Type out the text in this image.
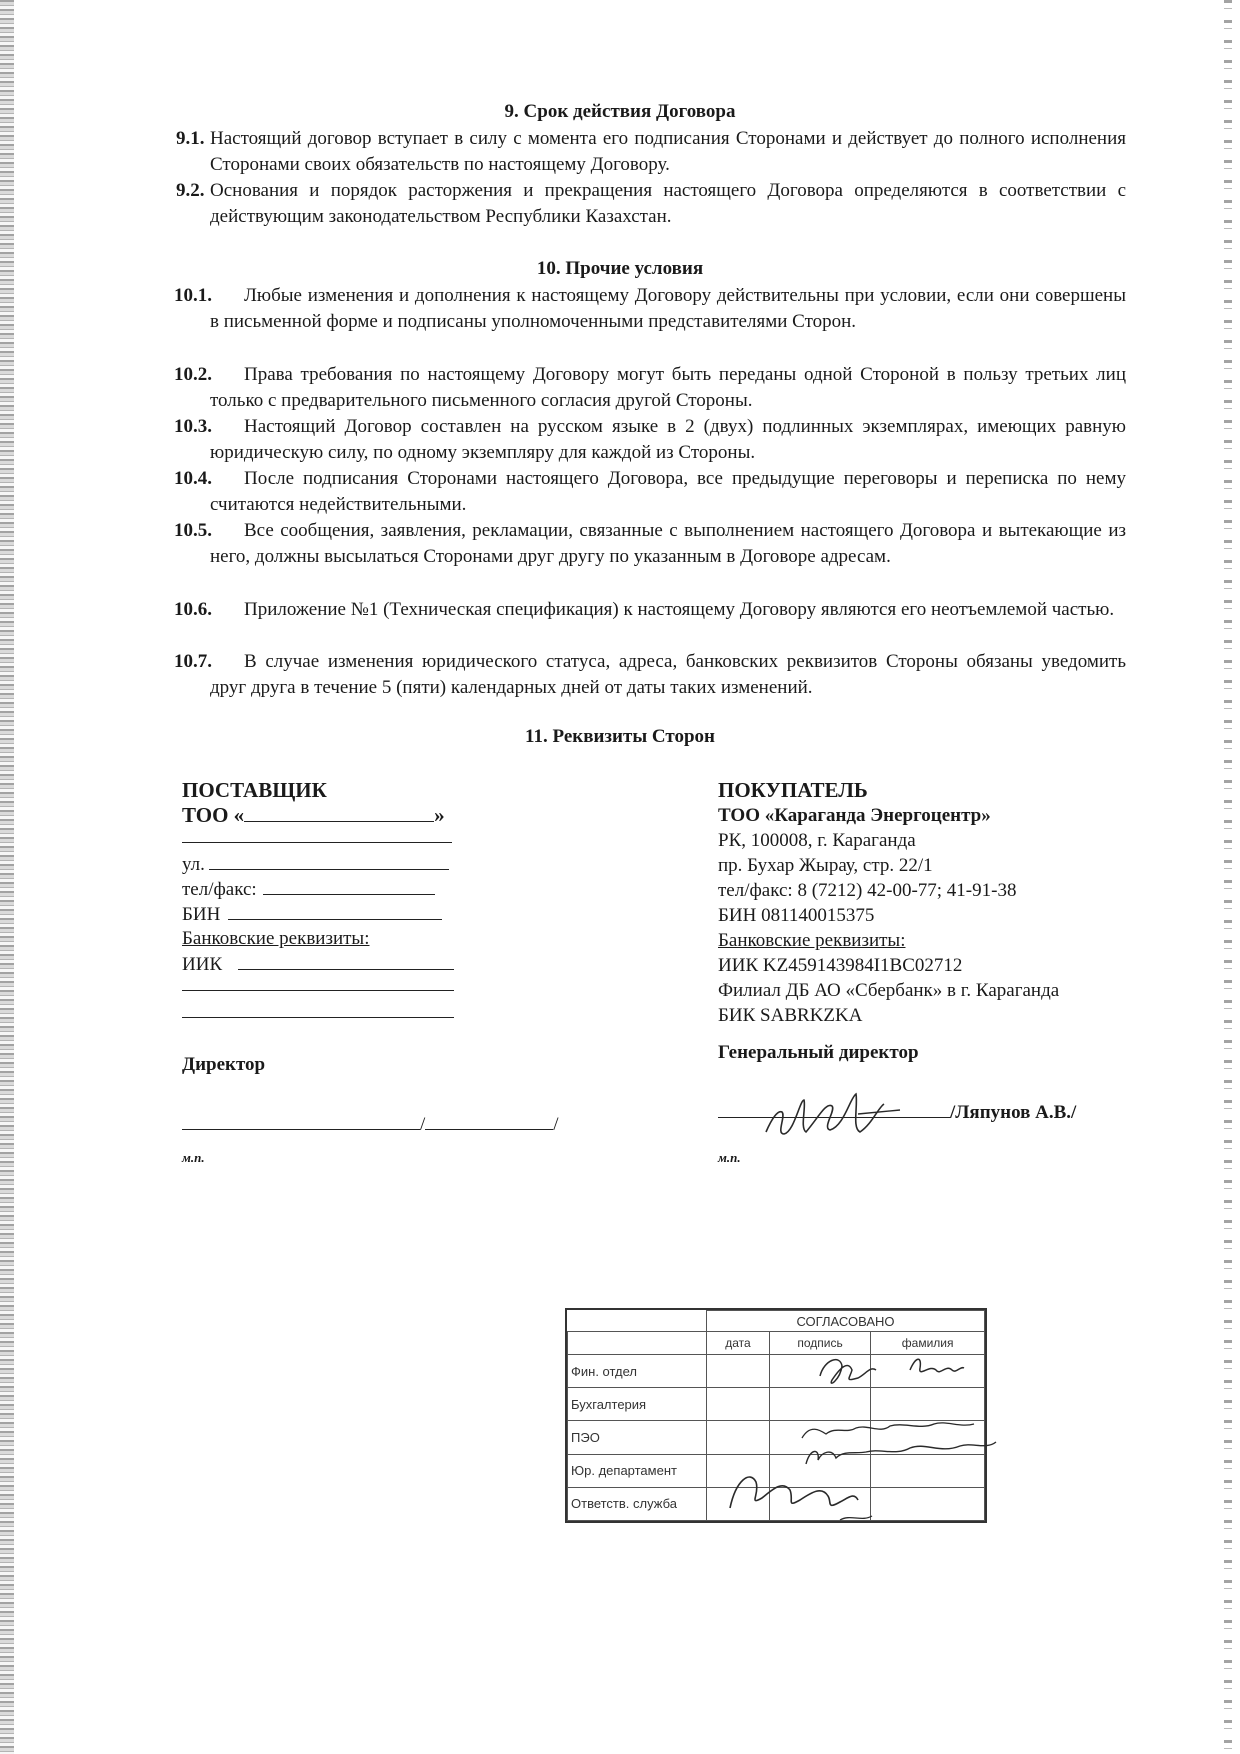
9. Срок действия Договора
9.1. Настоящий договор вступает в силу с момента его подписания Сторонами и действует до полного исполнения Сторонами своих обязательств по настоящему Договору.
9.2. Основания и порядок расторжения и прекращения настоящего Договора определяются в соответствии с действующим законодательством Республики Казахстан.
10. Прочие условия
10.1.	Любые изменения и дополнения к настоящему Договору действительны при условии, если они совершены в письменной форме и подписаны уполномоченными представителями Сторон.
10.2.	Права требования по настоящему Договору могут быть переданы одной Стороной в пользу третьих лиц только с предварительного письменного согласия другой Стороны.
10.3.	Настоящий Договор составлен на русском языке в 2 (двух) подлинных экземплярах, имеющих равную юридическую силу, по одному экземпляру для каждой из Стороны.
10.4.	После подписания Сторонами настоящего Договора, все предыдущие переговоры и переписка по нему считаются недействительными.
10.5.	Все сообщения, заявления, рекламации, связанные с выполнением настоящего Договора и вытекающие из него, должны высылаться Сторонами друг другу по указанным в Договоре адресам.
10.6.	Приложение №1 (Техническая спецификация) к настоящему Договору являются его неотъемлемой частью.
10.7.	В случае изменения юридического статуса, адреса, банковских реквизитов Стороны обязаны уведомить друг друга в течение 5 (пяти) календарных дней от даты таких изменений.
11. Реквизиты Сторон
ПОСТАВЩИК
ТОО «	»
ул.
тел/факс:
БИН
Банковские реквизиты:
ИИК
Директор
/	/
м.п.
ПОКУПАТЕЛЬ
ТОО «Караганда Энергоцентр»
РК, 100008, г. Караганда
пр. Бухар Жырау, стр. 22/1
тел/факс: 8 (7212) 42-00-77; 41-91-38
БИН 081140015375
Банковские реквизиты:
ИИК KZ459143984I1BC02712
Филиал ДБ АО «Сбербанк» в г. Караганда
БИК SABRKZKA
Генеральный директор
/Ляпунов А.В./
м.п.
	СОГЛАСОВАНО		
	дата	подпись	фамилия
Фин. отдел			
Бухгалтерия			
ПЭО			
Юр. департамент			
Ответств. служба			
